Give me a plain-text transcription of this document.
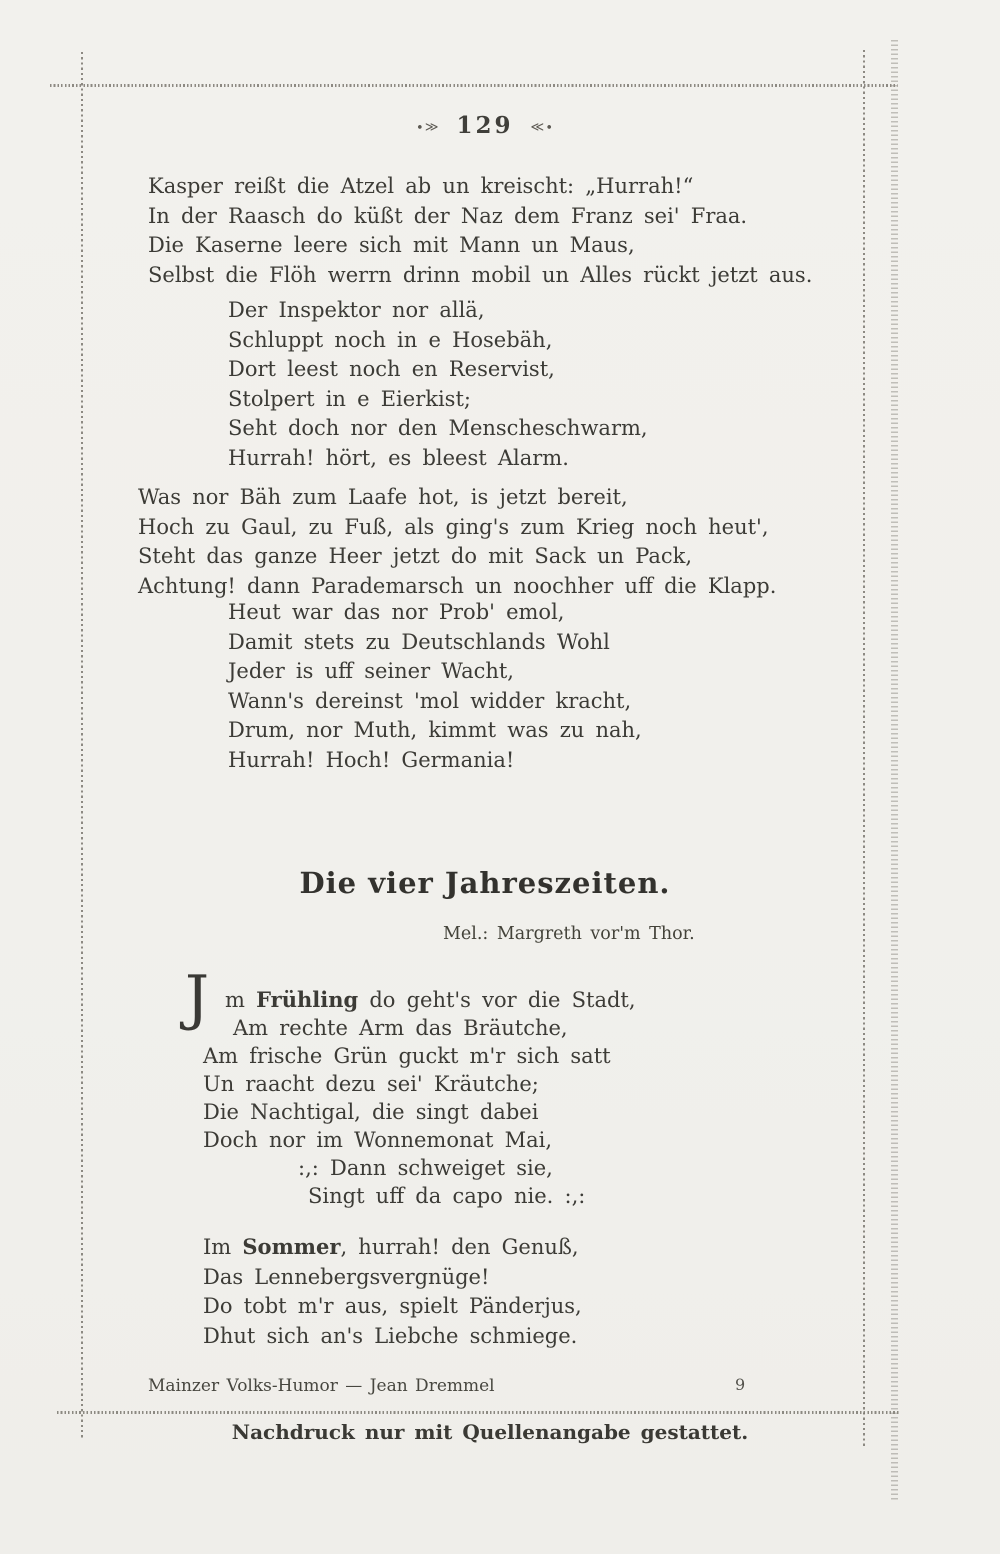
∙≫ 129 ≪∙
Kasper reißt die Atzel ab un kreischt: „Hurrah!“
In der Raasch do küßt der Naz dem Franz sei' Fraa.
Die Kaserne leere sich mit Mann un Maus,
Selbst die Flöh werrn drinn mobil un Alles rückt jetzt aus.
Der Inspektor nor allä,
Schluppt noch in e Hosebäh,
Dort leest noch en Reservist,
Stolpert in e Eierkist;
Seht doch nor den Menscheschwarm,
Hurrah! hört, es bleest Alarm.
Was nor Bäh zum Laafe hot, is jetzt bereit,
Hoch zu Gaul, zu Fuß, als ging's zum Krieg noch heut',
Steht das ganze Heer jetzt do mit Sack un Pack,
Achtung! dann Parademarsch un noochher uff die Klapp.
Heut war das nor Prob' emol,
Damit stets zu Deutschlands Wohl
Jeder is uff seiner Wacht,
Wann's dereinst 'mol widder kracht,
Drum, nor Muth, kimmt was zu nah,
Hurrah! Hoch! Germania!
Die vier Jahreszeiten.
Mel.: Margreth vor'm Thor.
J m Frühling do geht's vor die Stadt,
Am rechte Arm das Bräutche,
Am frische Grün guckt m'r sich satt
Un raacht dezu sei' Kräutche;
Die Nachtigal, die singt dabei
Doch nor im Wonnemonat Mai,
:,: Dann schweiget sie,
Singt uff da capo nie. :,:
Im Sommer, hurrah! den Genuß,
Das Lennebergsvergnüge!
Do tobt m'r aus, spielt Pänderjus,
Dhut sich an's Liebche schmiege.
Mainzer Volks-Humor — Jean Dremmel	9
Nachdruck nur mit Quellenangabe gestattet.
